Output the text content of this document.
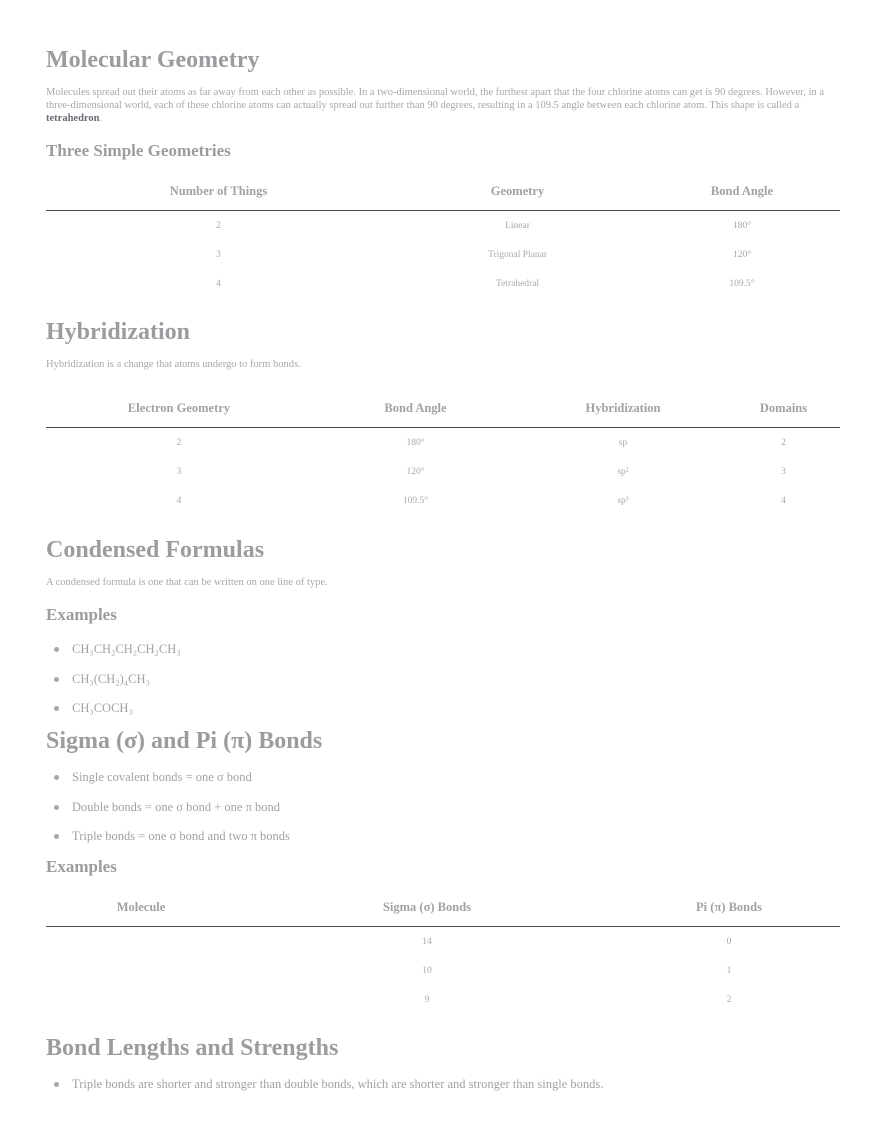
Molecular Geometry

Molecules spread out their atoms as far away from each other as possible. In a two-dimensional world, the furthest apart that the four chlorine atoms can get is 90 degrees. However, in a three-dimensional world, each of these chlorine atoms can actually spread out further than 90 degrees, resulting in a 109.5 angle between each chlorine atom. This shape is called a tetrahedron.

Three Simple Geometries
Number of Things	Geometry	Bond Angle
2	Linear	180°
3	Trigonal Planar	120°
4	Tetrahedral	109.5°
Hybridization

Hybridization is a change that atoms undergo to form bonds.

Electron Geometry	Bond Angle	Hybridization	Domains
2	180°	sp	2
3	120°	sp²	3
4	109.5°	sp³	4
Condensed Formulas

A condensed formula is one that can be written on one line of type.

Examples
CH₃CH₂CH₂CH₂CH₃
CH₃(CH₂)₄CH₃
CH₃COCH₃
Sigma (σ) and Pi (π) Bonds
Single covalent bonds = one σ bond
Double bonds = one σ bond + one π bond
Triple bonds = one σ bond and two π bonds
Examples
Molecule	Sigma (σ) Bonds	Pi (π) Bonds
	14	0
	10	1
	9	2
Bond Lengths and Strengths
Triple bonds are shorter and stronger than double bonds, which are shorter and stronger than single bonds.
